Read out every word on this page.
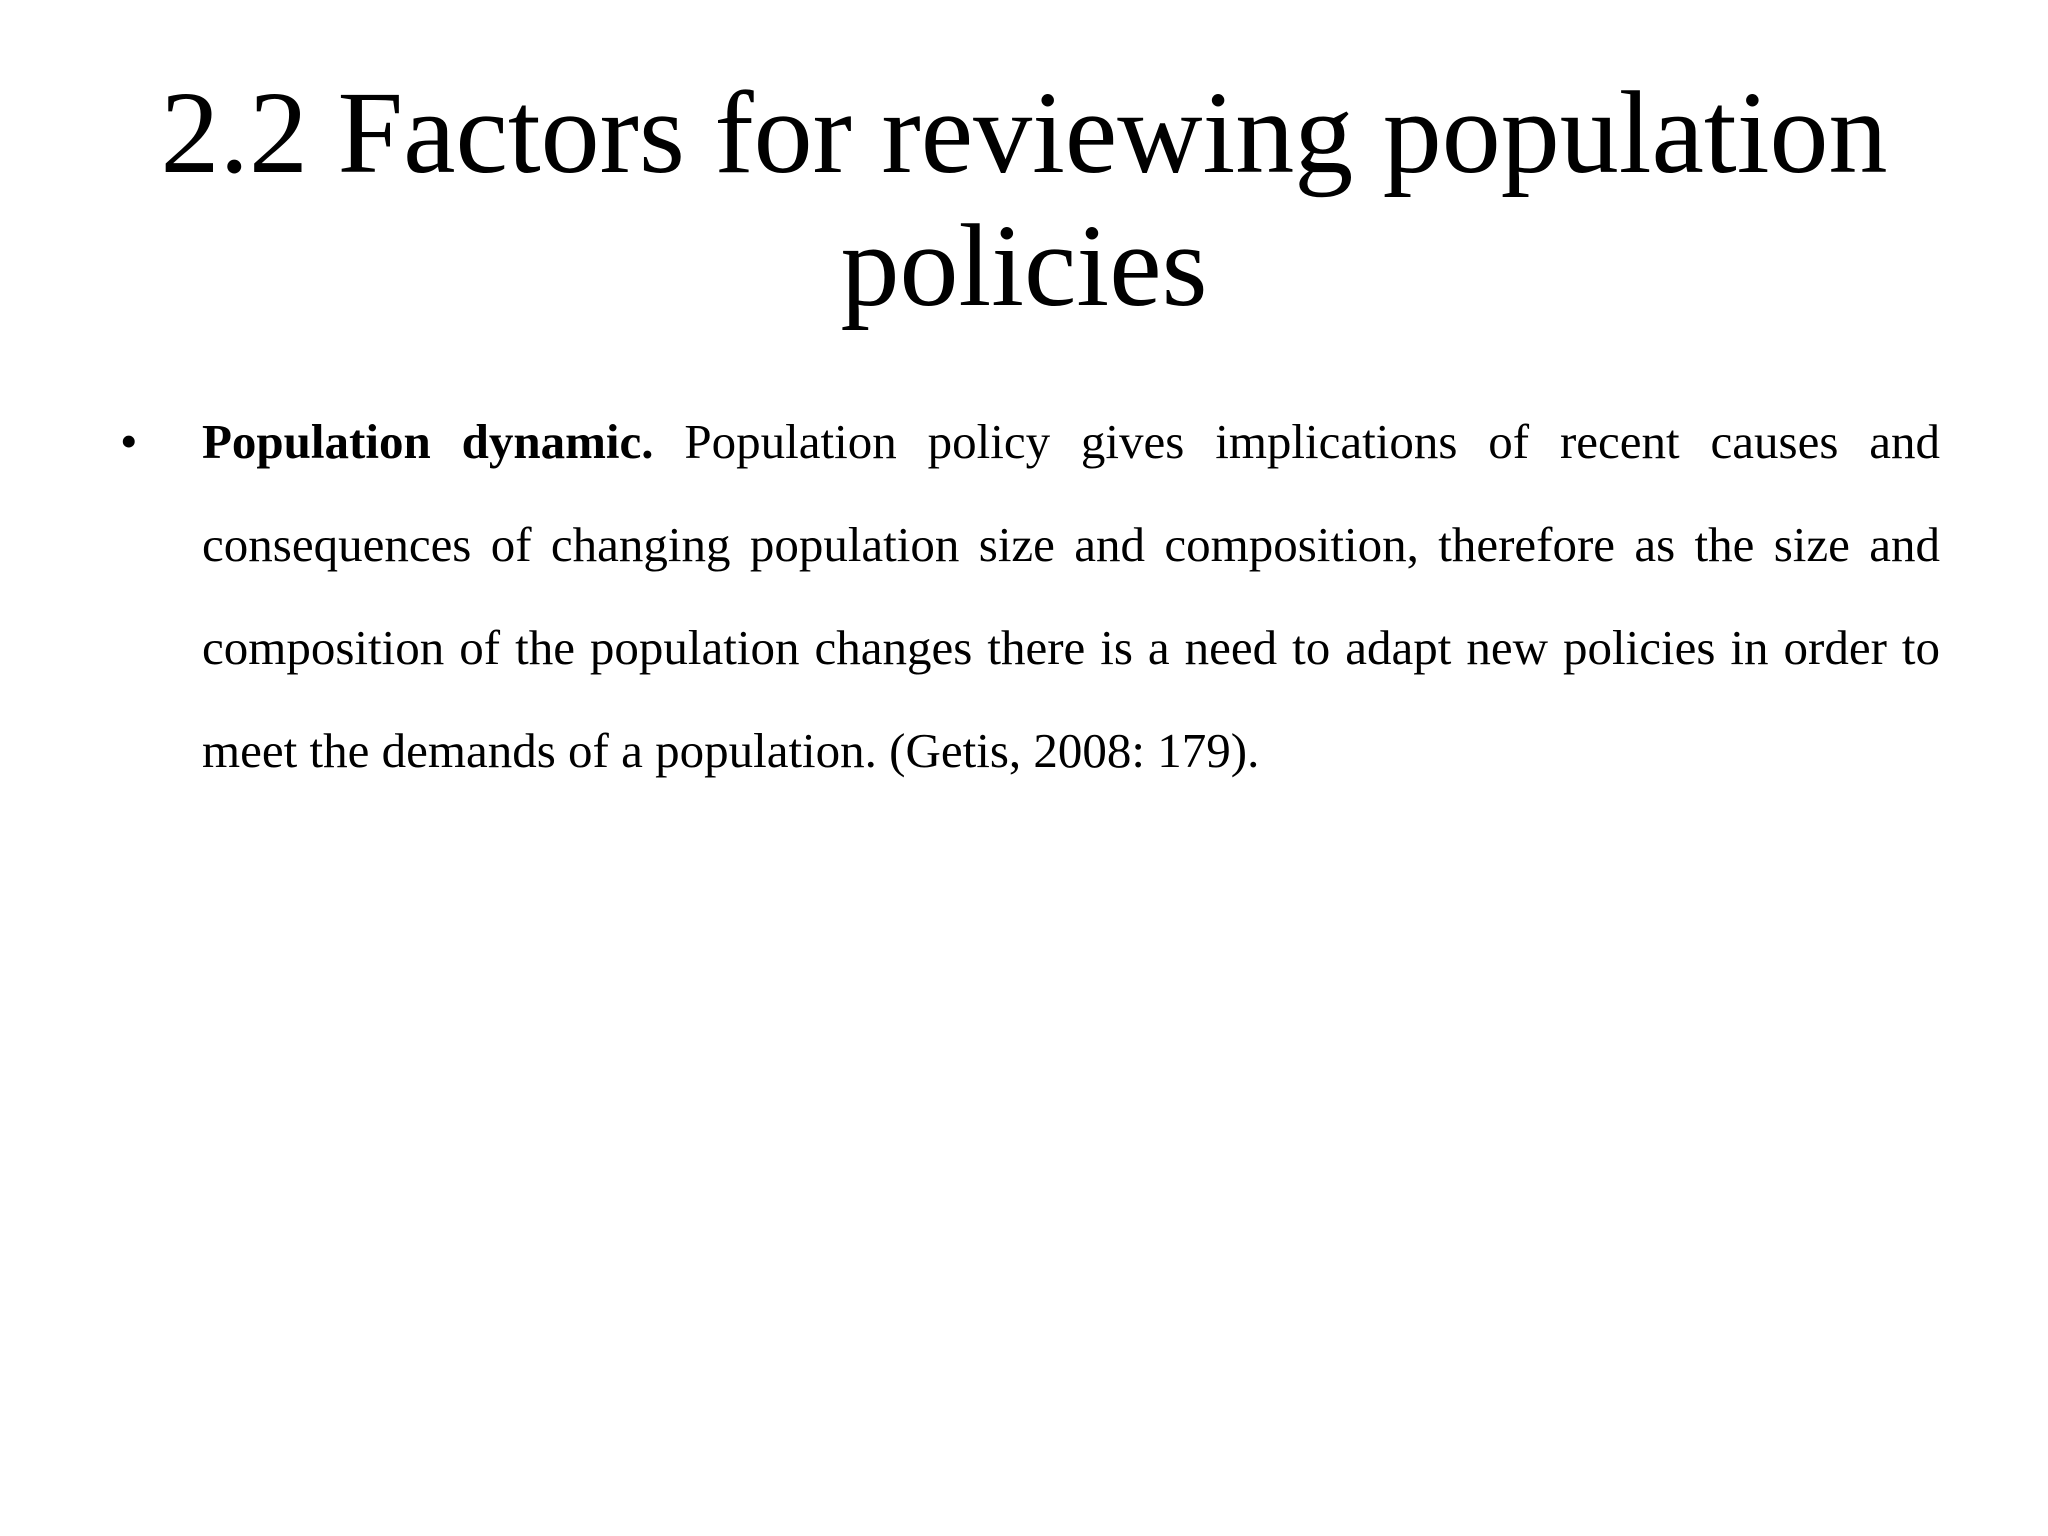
2.2 Factors for reviewing population policies
• Population dynamic. Population policy gives implications of recent causes and consequences of changing population size and composition, therefore as the size and composition of the population changes there is a need to adapt new policies in order to meet the demands of a population. (Getis, 2008: 179).
